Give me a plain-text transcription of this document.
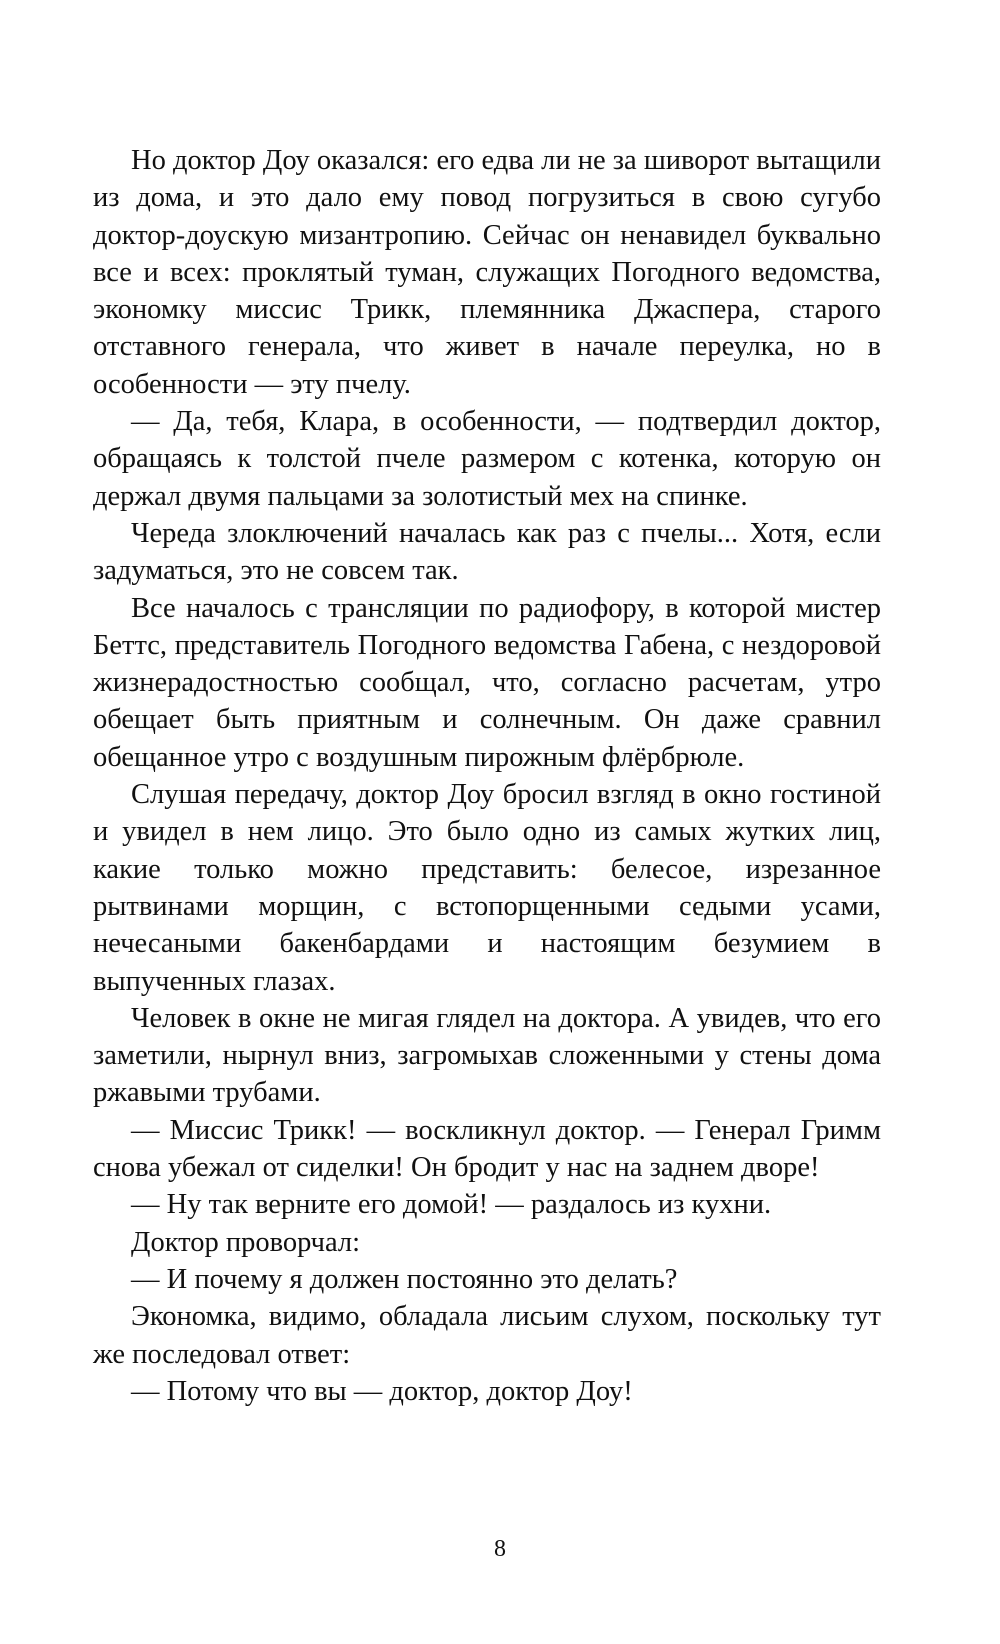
Но доктор Доу оказался: его едва ли не за шиворот вытащили из дома, и это дало ему повод погрузиться в свою сугубо доктор-доускую мизантропию. Сейчас он ненавидел буквально все и всех: проклятый туман, служащих Погодного ведомства, экономку миссис Трикк, племянника Джаспера, старого отставного генерала, что живет в начале переулка, но в особенности — эту пчелу.

— Да, тебя, Клара, в особенности, — подтвердил доктор, обращаясь к толстой пчеле размером с котенка, которую он держал двумя пальцами за золотистый мех на спинке.

Череда злоключений началась как раз с пчелы... Хотя, если задуматься, это не совсем так.

Все началось с трансляции по радиофору, в которой мистер Беттс, представитель Погодного ведомства Габена, с нездоровой жизнерадостностью сообщал, что, согласно расчетам, утро обещает быть приятным и солнечным. Он даже сравнил обещанное утро с воздушным пирожным флёрбрюле.

Слушая передачу, доктор Доу бросил взгляд в окно гостиной и увидел в нем лицо. Это было одно из самых жутких лиц, какие только можно представить: белесое, изрезанное рытвинами морщин, с встопорщенными седыми усами, нечесаными бакенбардами и настоящим безумием в выпученных глазах.

Человек в окне не мигая глядел на доктора. А увидев, что его заметили, нырнул вниз, загромыхав сложенными у стены дома ржавыми трубами.

— Миссис Трикк! — воскликнул доктор. — Генерал Гримм снова убежал от сиделки! Он бродит у нас на заднем дворе!

— Ну так верните его домой! — раздалось из кухни.

Доктор проворчал:

— И почему я должен постоянно это делать?

Экономка, видимо, обладала лисьим слухом, поскольку тут же последовал ответ:

— Потому что вы — доктор, доктор Доу!

8
